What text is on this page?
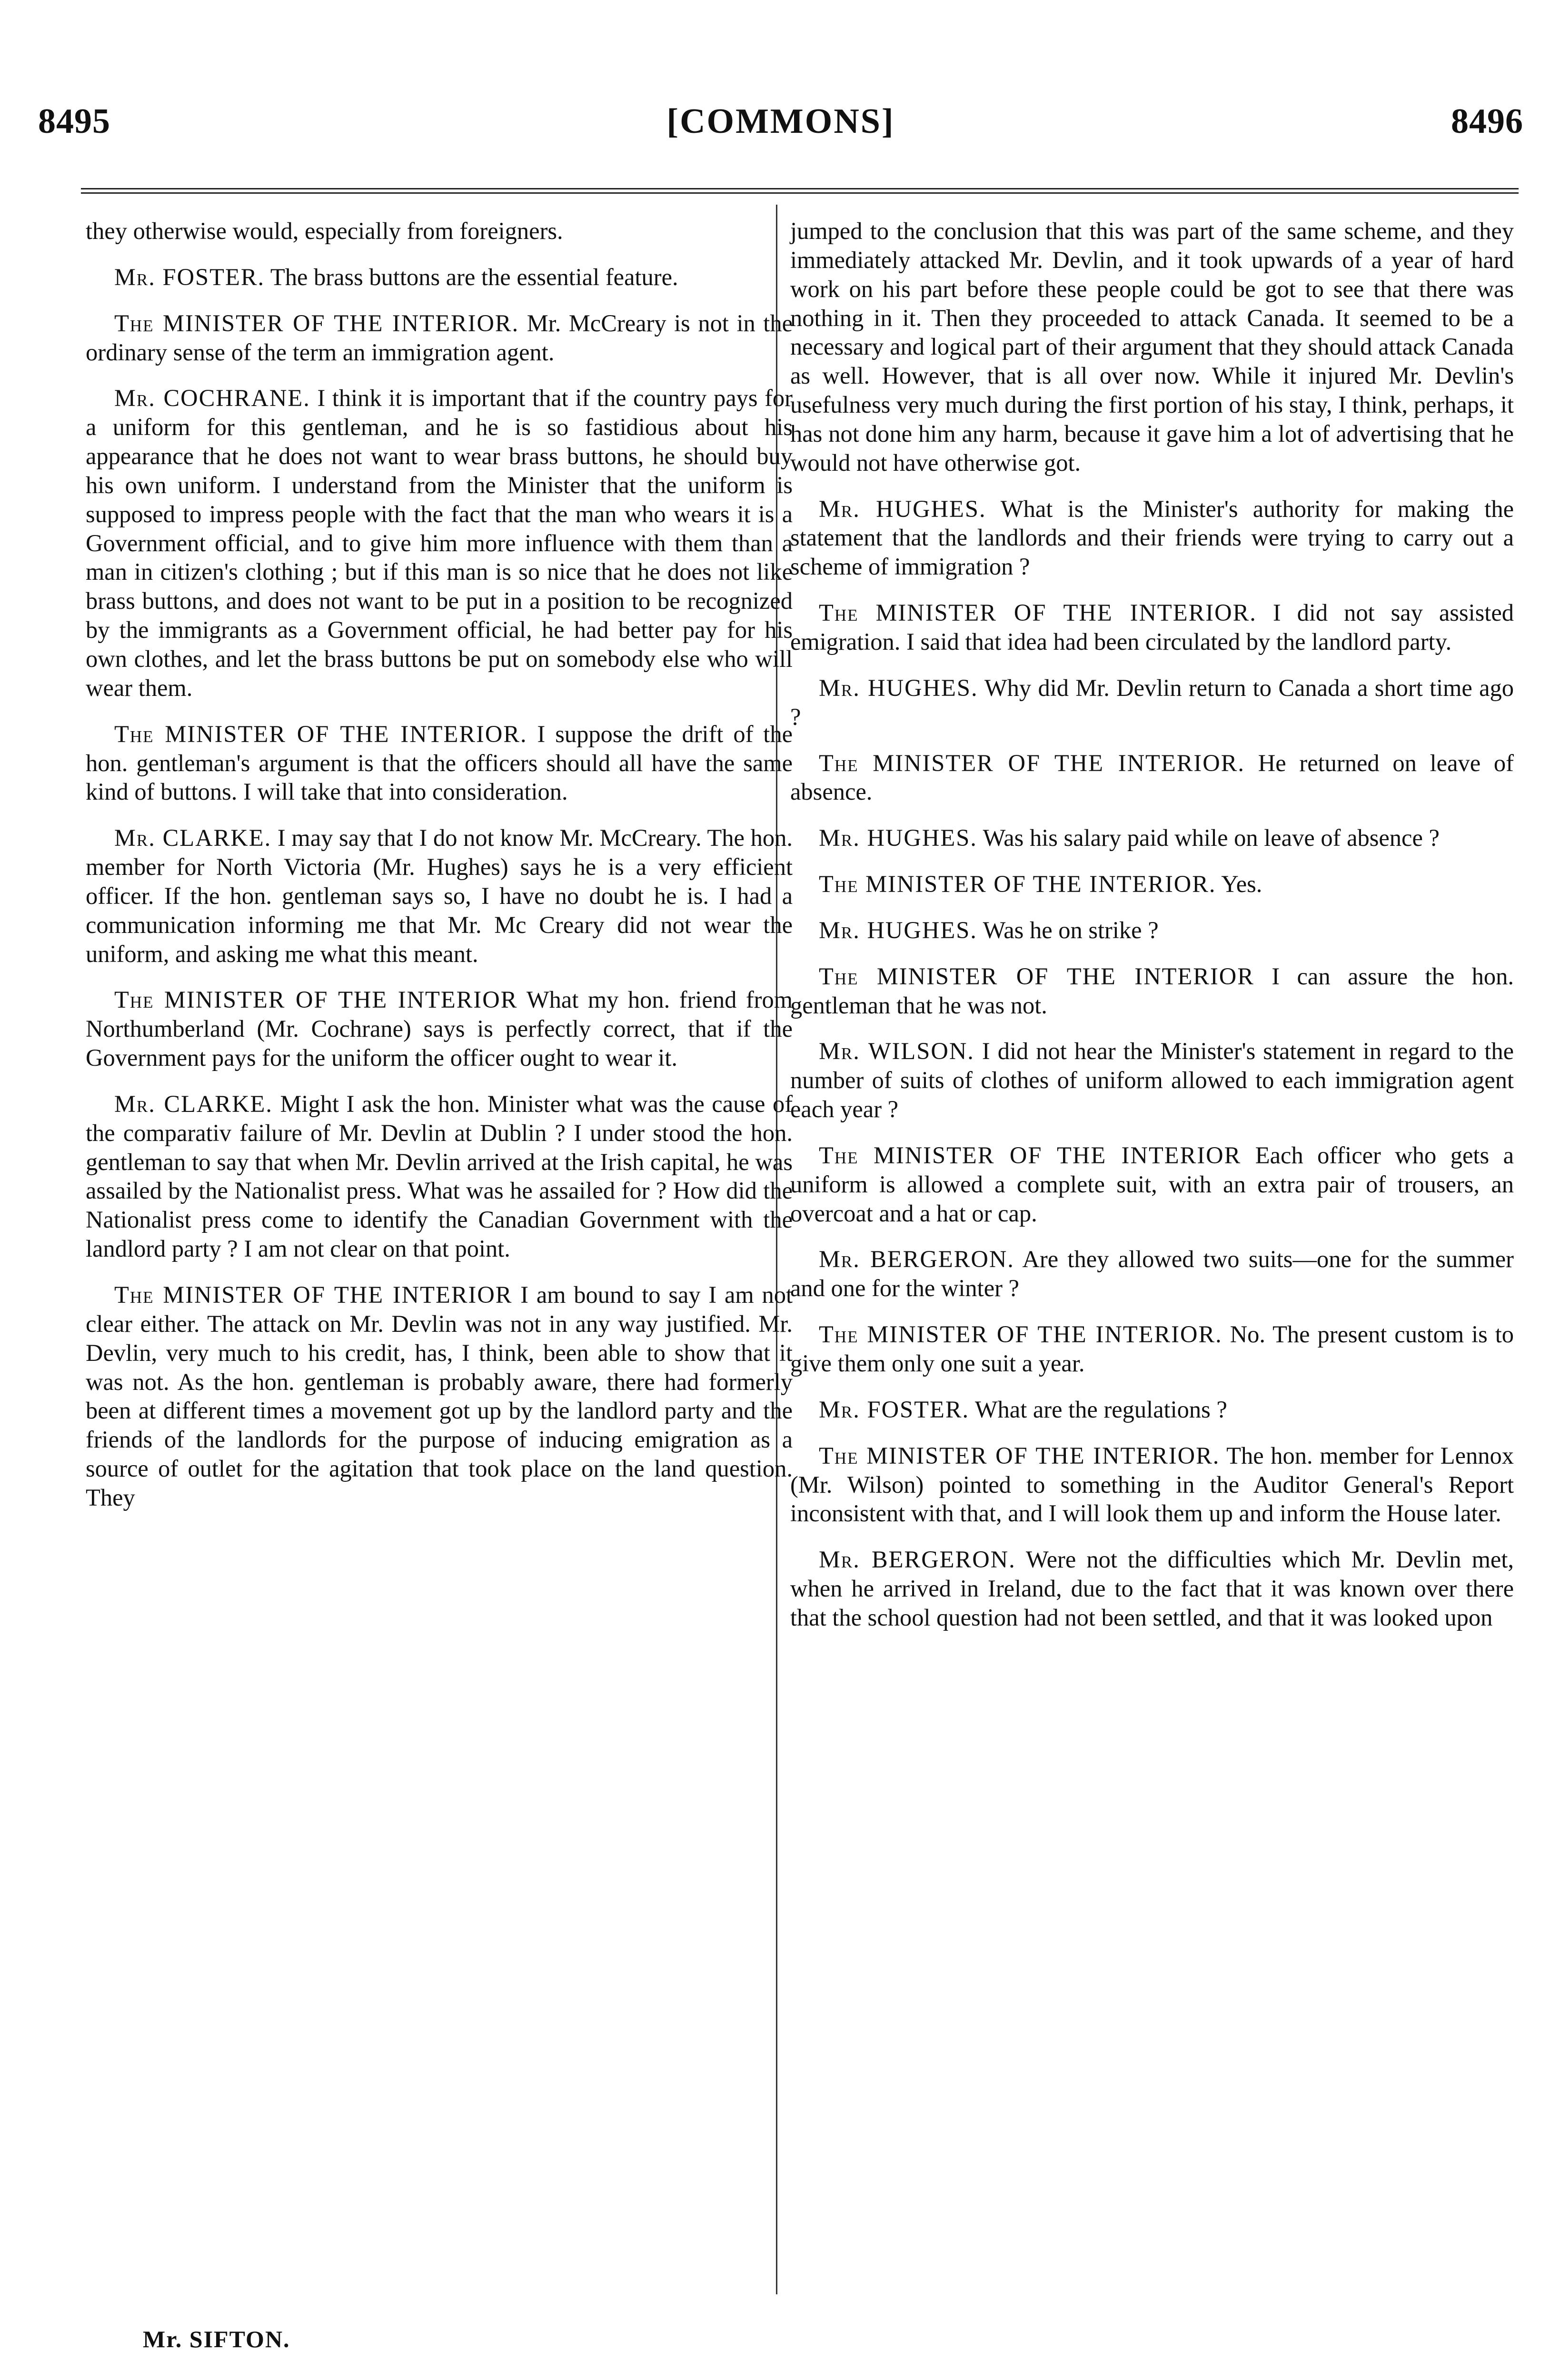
[COMMONS]
8495	8496

they otherwise would, especially from foreigners.

Mr. FOSTER. The brass buttons are the essential feature.

The MINISTER OF THE INTERIOR. Mr. McCreary is not in the ordinary sense of the term an immigration agent.

Mr. COCHRANE. I think it is important that if the country pays for a uniform for this gentleman, and he is so fastidious about his appearance that he does not want to wear brass buttons, he should buy his own uniform. I understand from the Minister that the uniform is supposed to impress people with the fact that the man who wears it is a Government official, and to give him more influence with them than a man in citizen's clothing ; but if this man is so nice that he does not like brass buttons, and does not want to be put in a position to be recognized by the immigrants as a Government official, he had better pay for his own clothes, and let the brass buttons be put on somebody else who will wear them.

The MINISTER OF THE INTERIOR. I suppose the drift of the hon. gentleman's argument is that the officers should all have the same kind of buttons. I will take that into consideration.

Mr. CLARKE. I may say that I do not know Mr. McCreary. The hon. member for North Victoria (Mr. Hughes) says he is a very efficient officer. If the hon. gentleman says so, I have no doubt he is. I had a communication informing me that Mr. Mc Creary did not wear the uniform, and asking me what this meant.

The MINISTER OF THE INTERIOR What my hon. friend from Northumberland (Mr. Cochrane) says is perfectly correct, that if the Government pays for the uniform the officer ought to wear it.

Mr. CLARKE. Might I ask the hon. Minister what was the cause of the comparativ failure of Mr. Devlin at Dublin ? I under stood the hon. gentleman to say that when Mr. Devlin arrived at the Irish capital, he was assailed by the Nationalist press. What was he assailed for ? How did the Nationalist press come to identify the Canadian Government with the landlord party ? I am not clear on that point.

The MINISTER OF THE INTERIOR I am bound to say I am not clear either. The attack on Mr. Devlin was not in any way justified. Mr. Devlin, very much to his credit, has, I think, been able to show that it was not. As the hon. gentleman is probably aware, there had formerly been at different times a movement got up by the landlord party and the friends of the landlords for the purpose of inducing emigration as a source of outlet for the agitation that took place on the land question. They

jumped to the conclusion that this was part of the same scheme, and they immediately attacked Mr. Devlin, and it took upwards of a year of hard work on his part before these people could be got to see that there was nothing in it. Then they proceeded to attack Canada. It seemed to be a necessary and logical part of their argument that they should attack Canada as well. However, that is all over now. While it injured Mr. Devlin's usefulness very much during the first portion of his stay, I think, perhaps, it has not done him any harm, because it gave him a lot of advertising that he would not have otherwise got.

Mr. HUGHES. What is the Minister's authority for making the statement that the landlords and their friends were trying to carry out a scheme of immigration ?

The MINISTER OF THE INTERIOR. I did not say assisted emigration. I said that idea had been circulated by the landlord party.

Mr. HUGHES. Why did Mr. Devlin return to Canada a short time ago ?

The MINISTER OF THE INTERIOR. He returned on leave of absence.

Mr. HUGHES. Was his salary paid while on leave of absence ?

The MINISTER OF THE INTERIOR. Yes.

Mr. HUGHES. Was he on strike ?

The MINISTER OF THE INTERIOR I can assure the hon. gentleman that he was not.

Mr. WILSON. I did not hear the Minister's statement in regard to the number of suits of clothes of uniform allowed to each immigration agent each year ?

The MINISTER OF THE INTERIOR Each officer who gets a uniform is allowed a complete suit, with an extra pair of trousers, an overcoat and a hat or cap.

Mr. BERGERON. Are they allowed two suits—one for the summer and one for the winter ?

The MINISTER OF THE INTERIOR. No. The present custom is to give them only one suit a year.

Mr. FOSTER. What are the regulations ?

The MINISTER OF THE INTERIOR. The hon. member for Lennox (Mr. Wilson) pointed to something in the Auditor General's Report inconsistent with that, and I will look them up and inform the House later.

Mr. BERGERON. Were not the difficulties which Mr. Devlin met, when he arrived in Ireland, due to the fact that it was known over there that the school question had not been settled, and that it was looked upon

Mr. SIFTON.
